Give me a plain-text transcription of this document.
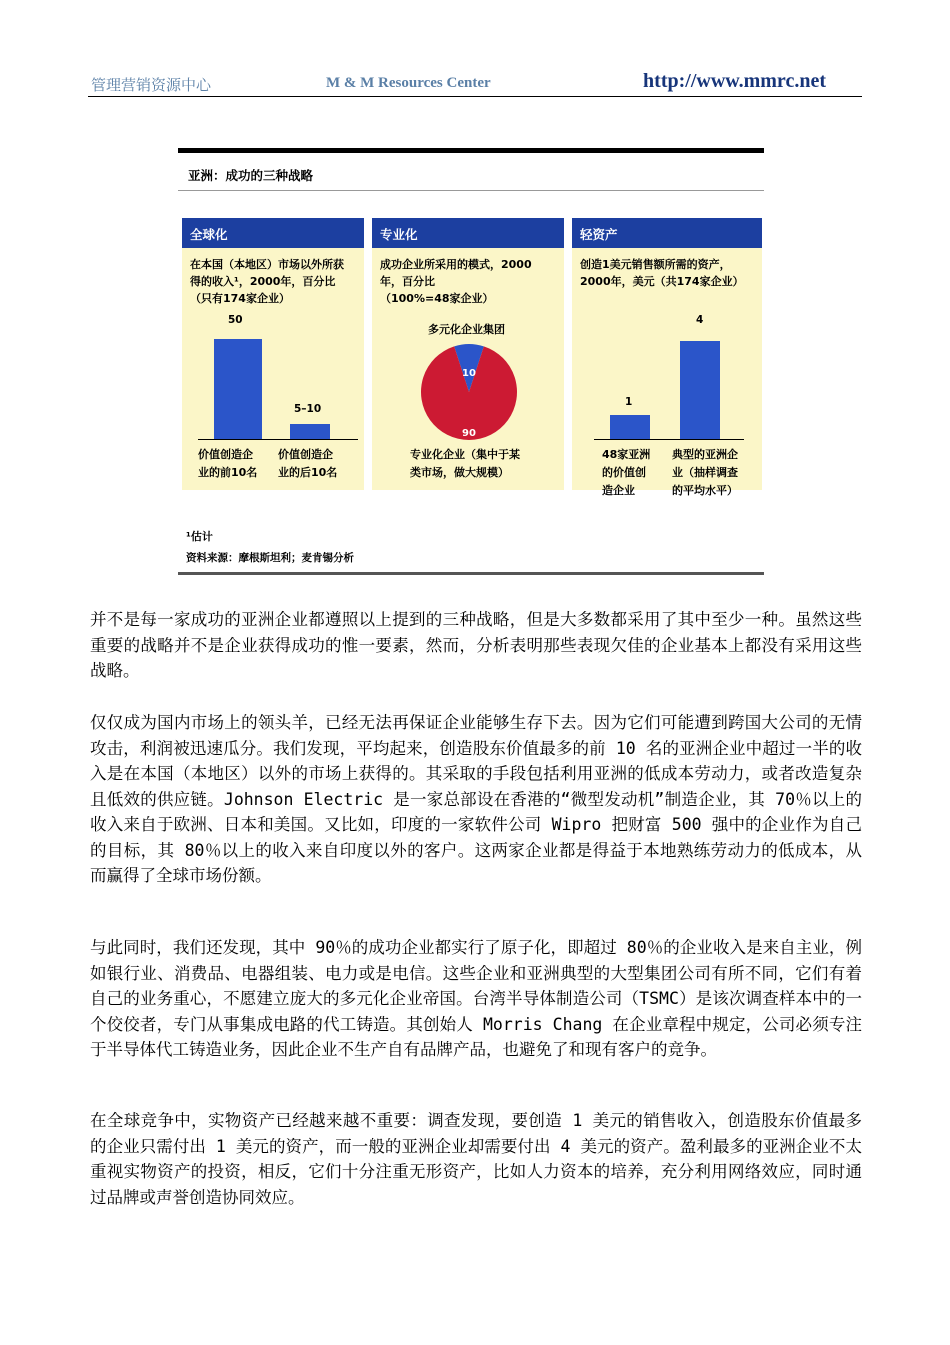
管理营销资源中心	M & M Resources Center	http://www.mmrc.net
亚洲：成功的三种战略
全球化
在本国（本地区）市场以外所获
得的收入¹，2000年，百分比
（只有174家企业）
50
5–10
价值创造企
业的前10名
价值创造企
业的后10名
专业化
成功企业所采用的模式，2000
年，百分比
（100%=48家企业）
多元化企业集团
10
90
专业化企业（集中于某
类市场，做大规模）
轻资产
创造1美元销售额所需的资产，
2000年，美元（共174家企业）
1
4
48家亚洲
的价值创
造企业
典型的亚洲企
业（抽样调查
的平均水平）
¹估计
资料来源：摩根斯坦利；麦肯锡分析
并不是每一家成功的亚洲企业都遵照以上提到的三种战略，但是大多数都采用了其中至少一种。虽然这些重要的战略并不是企业获得成功的惟一要素，然而，分析表明那些表现欠佳的企业基本上都没有采用这些战略。
仅仅成为国内市场上的领头羊，已经无法再保证企业能够生存下去。因为它们可能遭到跨国大公司的无情攻击，利润被迅速瓜分。我们发现，平均起来，创造股东价值最多的前 10 名的亚洲企业中超过一半的收入是在本国（本地区）以外的市场上获得的。其采取的手段包括利用亚洲的低成本劳动力，或者改造复杂且低效的供应链。Johnson Electric 是一家总部设在香港的“微型发动机”制造企业，其 70％以上的收入来自于欧洲、日本和美国。又比如，印度的一家软件公司 Wipro 把财富 500 强中的企业作为自己的目标，其 80％以上的收入来自印度以外的客户。这两家企业都是得益于本地熟练劳动力的低成本，从而赢得了全球市场份额。
与此同时，我们还发现，其中 90％的成功企业都实行了原子化，即超过 80％的企业收入是来自主业，例如银行业、消费品、电器组装、电力或是电信。这些企业和亚洲典型的大型集团公司有所不同，它们有着自己的业务重心，不愿建立庞大的多元化企业帝国。台湾半导体制造公司（TSMC）是该次调查样本中的一个佼佼者，专门从事集成电路的代工铸造。其创始人 Morris Chang 在企业章程中规定，公司必须专注于半导体代工铸造业务，因此企业不生产自有品牌产品，也避免了和现有客户的竞争。
在全球竞争中，实物资产已经越来越不重要：调查发现，要创造 1 美元的销售收入，创造股东价值最多的企业只需付出 1 美元的资产，而一般的亚洲企业却需要付出 4 美元的资产。盈利最多的亚洲企业不太重视实物资产的投资，相反，它们十分注重无形资产，比如人力资本的培养，充分利用网络效应，同时通过品牌或声誉创造协同效应。
